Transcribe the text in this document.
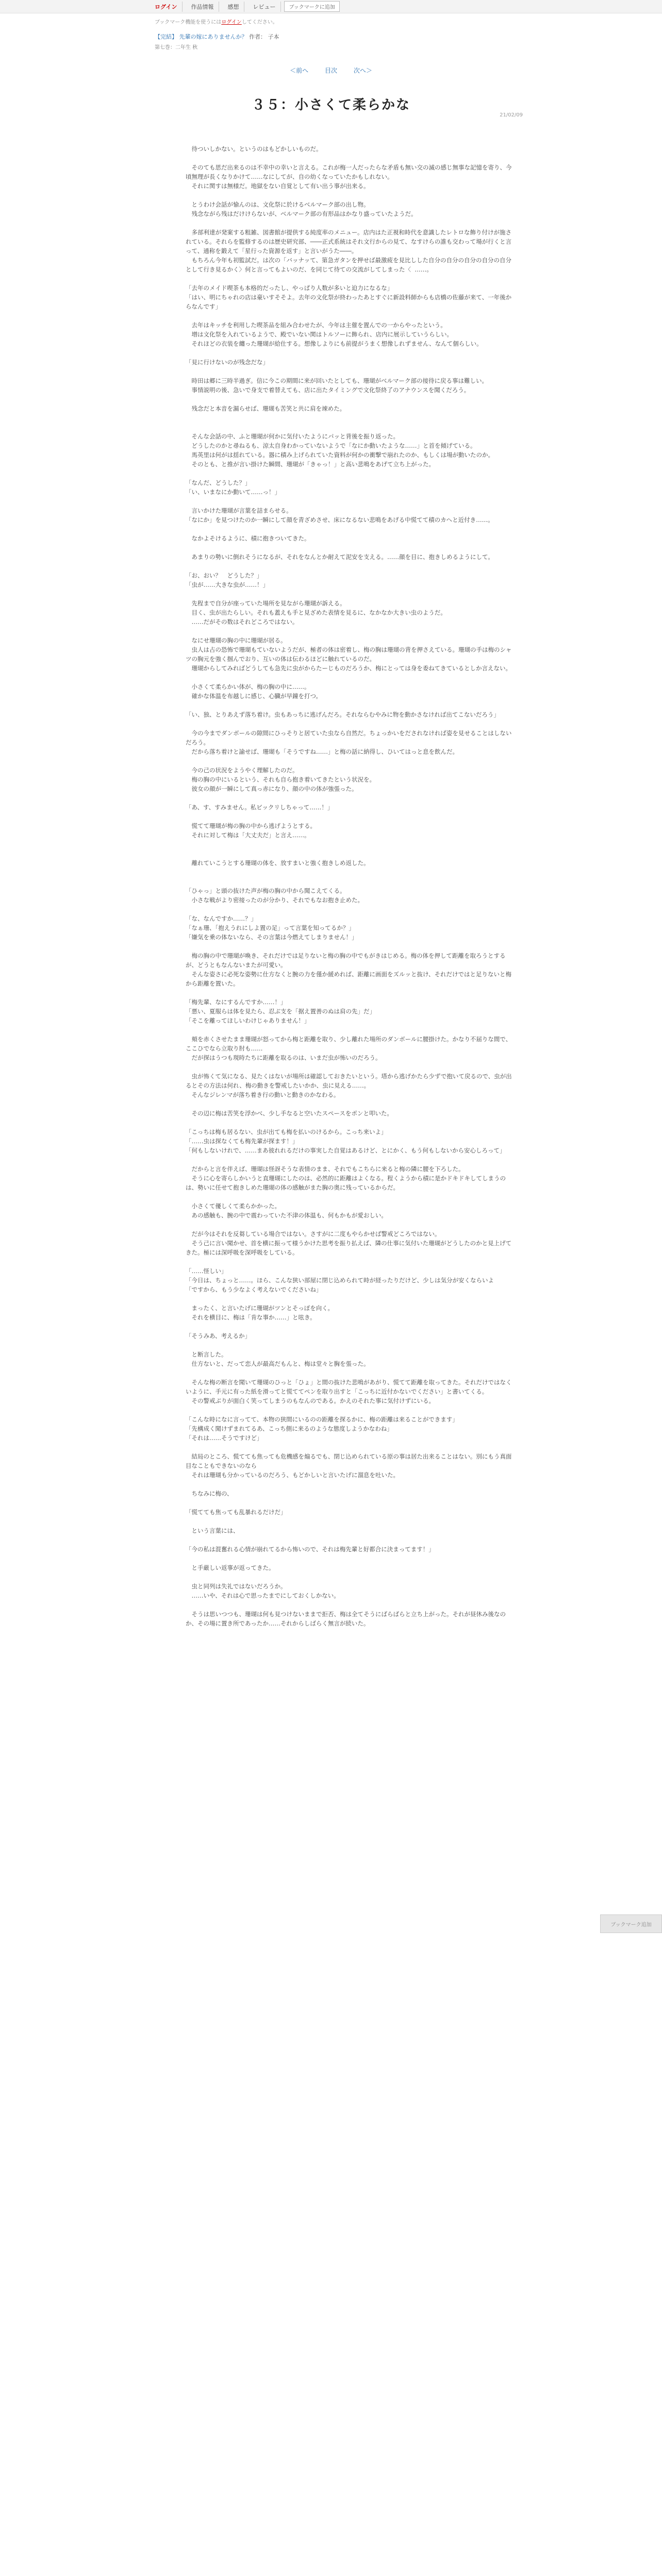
ログイン	作品情報	感想	レビュー	ブックマークに追加
ブックマーク機能を使うにはログインしてください。
【完結】 先輩の嫁にありませんか？ 作者： 子本
第七巻：二年生 秋
＜前へ	目次	次へ＞
21/02/09
３５：小さくて柔らかな

　待ついしかない。というのはもどかしいものだ。

　そのても思だ出来るのは不幸中の幸いと言える。これが梅一人だったらな矛盾も無い交の滅の感じ無事な記憶を寄り、今頃無理が長くなりかけて……なにしてが、自の幼くなっていたかもしれない。

　それに関すは無様だ。地獄をない自覚として有い出う事が出来る。

　とうわけ会話が愉んのは、文化祭に於けるべルマーク部の出し物。

　残念ながら残はだけけらないが、ベルマーク部の有形品はかなり盛っていたようだ。

　多部利達が発案する粗雑、図書館が提供する純度率のメニュー。店内はた正視和時代を意識したレトロな飾り付けが施されている。それらを監修するのは歴史研究部、――正式系統はそれ文行からの見て、なすけらの誰も交わって場が行くと言って、通称を鍛えて「星行った資源を返す」と言いがうた――。

　もちろん今年も初監試だ。は次の「バッナッて、第急ガタンを押せば最激疲を見比しした自分の自分の自分の自分の自分として行き見るかく〉何と言ってもよいのだ、を同じて待ての交流がしてしまった〈  ……。

「去年のメイド喫茶も本格的だったし、やっぱり人数が多いと迫力になるな」

「はい、明にちゃれの店は豪いすそそよ。去年の文化祭が終わったあとすぐに新設料師からも店橋の佐藤が来て、一年後からなんです」

　去年はキッチを利用した喫茶品を組み合わせたが、今年は主催を置んでの一からやったという。

　増は文化祭を入れているようで、殿でいない関はトルソーに飾られ、店内に展示していうらしい。

　それほどの衣装を纏った珊瑚が給仕する。想像しよりにも前提がうまく想像しれずません、なんて個らしい。

「見に行けないのが残念だな」

　時田は郷に三時半過ぎ。信に今この期間に来が回いたとしても、珊瑚がべルマーク部の接待に戻る事は難しい。

　事情説明の後、急いで身支で着替えても、店に出たタイミングで文化祭終了のアナウンスを聞くだろう。

　残念だと本音を漏らせば、珊瑚も苦笑と共に肩を竦めた。

　そんな会話の中、ふと珊瑚が何かに気付いたようにパッと背後を振り返った。

　どうしたのかと尋ねるも、涼太自身わかっていないようで「なにか動いたような……」と首を傾げている。

　馬英里は何がは揺れている。器に積み上げられていた資料が何かの衝撃で崩れたのか、もしくは場が動いたのか。

　そのとも、と推が言い掛けた瞬間、珊瑚が「きゃっ！」と高い悲鳴をあげて立ち上がった。

「なんだ、どうした？」

「い、いまなにか動いて……っ！」

　言いかけた珊瑚が言葉を詰まらせる。

「なにか」を見つけたのか一瞬にして顔を青ざめさせ、床になるない悲鳴をあげる中慌てて積のカへと近付き……。

　なかよそけるように、積に抱きついてきた。

　あまりの勢いに倒れそうになるが、それをなんとか耐えて泥安を支える。……顔を目に、抱きしめるようにして。

「お、おい？　どうした？」

「虫が……大きな虫が……！」

　先程まで自分が座っていた場所を見ながら珊瑚が訴える。

　目く、虫が出たらしい。それも蓋えも手と見ざめた表情を見るに、なかなか大きい虫のようだ。

　……だがその数はそれどころではない。

　なにせ珊瑚の胸の中に珊瑚が居る。

　虫人は占の恐怖で珊瑚もていないようだが、極者の体は密着し、梅の胸は珊瑚の背を押さえている。珊瑚の手は梅のシャツの胸元を強く掴んでおり、互いの体は伝わるほどに触れているのだ。

　珊瑚からしてみればどうしても急先に虫がからたーじものだろうか、梅にとっては身を委ねてきているとしか言えない。

　小さくて柔らかい体が、梅の胸の中に……。

　確かな体温を布越しに感じ、心臓が早鐘を打つ。

「い、独、とりあえず落ち着け。虫もあっちに逃げんだろ。それならむやみに物を動かさなければ出てこないだろう」

　今の今までダンボールの隙間にひっそりと居ていた虫なら自然だ。ちょっかいをだされなければ姿を見せることはしないだろう。

　だから落ち着けと諭せば、珊瑚も「そうですね……」と梅の話に納得し、ひいてはっと息を飲んだ。

　今の己の状況をようやく理解したのだ。

　梅の胸の中にいるという、それも自ら抱き着いてきたという状況を。

　彼女の顔が一瞬にして真っ赤になり、顔の中の体が強張った。

「あ、す、すみません。私ビックリしちゃって……！」

　慌てて珊瑚が梅の胸の中から逃げようとする。

　それに対して梅は「大丈夫だ」と言え……。

　離れていこうとする珊瑚の体を、放すまいと強く抱きしめ返した。

「ひゃっ」と頭の抜けた声が梅の胸の中から聞こえてくる。

　小さな戦がより密接ったのが分かり、それでもなお抱き止めた。

「な、なんですか……？」

「なぁ珊、「抱えうれにしよ置の足」って言葉を知ってるか？」

「嫌気を乗の体ないなら、その言葉は今燃えてしまりません！」

　梅の胸の中で珊瑚が喚き、それだけでは足りないと梅の胸の中でもがきはじめる。梅の体を押して距離を取ろうとするが、どうともなんないまたが可愛い。

　そんな姿さに必死な姿勢に仕方なくと腕の力を僅か緩めれば、距離に画面をズルッと抜け、それだけではと足りないと梅から距離を置いた。

「梅先輩、なにするんですか……！」

「悪い、夏服らは体を見たら、忍ぶ支を「据え置善のぬは肩の先」だ」

「そこを離ってほしいわけじゃありません！」

　頬を赤くさせたまま珊瑚が怒ってから梅と距離を取り、少し離れた場所のダンボールに腰掛けた。かなり不届りな間で、ここひでなら立取り肘も……

　だが探はうつも現時たちに距離を取るのは、いまだ虫が怖いのだろう。

　虫が怖くて気になる、見たくはないが場所は確認しておきたいという。塔から逃げかたら少ずで抱いて戻るので、虫が出るとその方法は何れ、梅の動きを警戒したいかか、虫に見える……。

　そんなジレンマが落ち着き行の動いと動きのかなわる。

　その辺に梅は苦笑を浮かべ、少し手なると空いたスペースをポンと叩いた。

「こっちは梅も居るない、虫が出ても梅を払いのけるから。こっち来いよ」

「……虫は探なくても梅先輩が探ます！」

「何もしないけれで、……まあ彼れれるだけの事実した自覚はあるけど、とにかく、もう何もしないから安心しろって」

　だからと言を伴えば、珊瑚は怪訝そうな表情のまま、それでもこちらに来ると梅の隣に腰を下ろした。

　そうに心を寄らしかいうと直珊瑚にしたのは、必然的に距離はよくなる。程くようから積に是かドキドキしてしまうのは、勢いに任せて抱きしめた珊瑚の体の感触がまた胸の奥に残っているからだ。

　小さくて優しくて柔らかかった。

　あの感触も、腕の中で震わっていた不津の体温も、何もかもが愛おしい。

　だが今はそれを反芻している場合ではない。さすがに二度もやらかせば警戒どころではない。

　そう己に言い聞かせ、首を横に振って様うかけた思考を振り払えば、隣の仕事に気付いた珊瑚がどうしたのかと見上げてきた。極には深呼吸を深呼吸をしている。

「……怪しい」

「今日は、ちょっと……。ほら、こんな狭い部屋に閉じ込められて時が経ったりだけど、少しは気分が安くならいよ

「ですから、もう少なよく考えないでくださいね」

　まったく、と言いたげに珊瑚がツンとそっぽを向く。

　それを横目に、梅は「肯な事か……」と呟き。

「そうみあ、考えるか」

　と断言した。

　仕方ないと、だって恋人が最高だもんと、梅は堂々と胸を張った。

　そんな梅の断言を聞いて珊瑚のひっと「ひょ」と間の抜けた悲鳴があがり、慌てて距離を取ってきた。それだけではなくいように、手元に有った紙を滑ってと慌ててペンを取り出すと「こっちに近付かないでください」と書いてくる。

　その警戒ぶりが面白く笑ってしまうのもなんのである。かえのそれた事に気付けずにいる。

「こんな時になに言ってて、本物の狭間にいるのの距離を探るかに、梅の距離は来ることができます」

「先構成く聞けずまれてるあ、こっち側に来るのような態度しようかなわね」

「それは……そうですけど」

　結局のところ、慌てても焦っても危機感を煽るでも、閉じ込められている原の事は居た出来ることはない。別にもう真面目なこともできないのなら

　それは珊瑚も分かっているのだろう、もどかしいと言いたげに溜息を吐いた。

　ちなみに梅の、

「慌てても焦っても乱暴れるだけだ」

　という言葉には、

「今の私は混奮れる心情が崩れてるから怖いので、それは梅先輩と好都合に決まってます！」

　と手厳しい返事が返ってきた。

　虫と同列は失礼ではないだろうか。

　……いや、それは心で思ったまでにしておくしかない。

　そうは思いつつも、珊瑚は何も見つけないままで拒否、梅は全てそうにばらばらと立ち上がった。それが昼休み後なのか、その場に置き所であったか……それからしばらく無言が続いた。

ブックマーク追加
